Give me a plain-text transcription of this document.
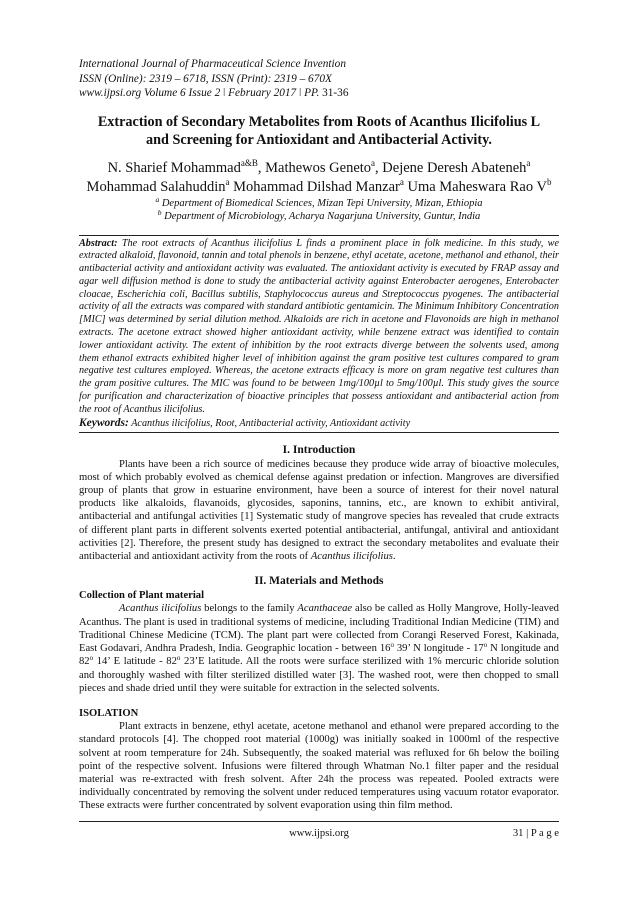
International Journal of Pharmaceutical Science Invention
ISSN (Online): 2319 – 6718, ISSN (Print): 2319 – 670X
www.ijpsi.org Volume 6 Issue 2 ǀ February 2017 ǀ PP. 31-36
Extraction of Secondary Metabolites from Roots of Acanthus Ilicifolius L
and Screening for Antioxidant and Antibacterial Activity.
N. Sharief Mohammad$^{a\&B}$, Mathewos Geneto$^a$, Dejene Deresh Abateneh$^a$
Mohammad Salahuddin$^a$ Mohammad Dilshad Manzar$^a$ Uma Maheswara Rao $V^b$
$^a$ Department of Biomedical Sciences, Mizan Tepi University, Mizan, Ethiopia
$^b$ Department of Microbiology, Acharya Nagarjuna University, Guntur, India

Abstract: The root extracts of Acanthus ilicifolius L finds a prominent place in folk medicine. In this study, we extracted alkaloid, flavonoid, tannin and total phenols in benzene, ethyl acetate, acetone, methanol and ethanol, their antibacterial activity and antioxidant activity was evaluated. The antioxidant activity is executed by FRAP assay and agar well diffusion method is done to study the antibacterial activity against Enterobacter aerogenes, Enterobacter cloacae, Escherichia coli, Bacillus subtilis, Staphylococcus aureus and Streptococcus pyogenes. The antibacterial activity of all the extracts was compared with standard antibiotic gentamicin. The Minimum Inhibitory Concentration [MIC] was determined by serial dilution method. Alkaloids are rich in acetone and Flavonoids are high in methanol extracts. The acetone extract showed higher antioxidant activity, while benzene extract was identified to contain lower antioxidant activity. The extent of inhibition by the root extracts diverge between the solvents used, among them ethanol extracts exhibited higher level of inhibition against the gram positive test cultures compared to gram negative test cultures employed. Whereas, the acetone extracts efficacy is more on gram negative test cultures than the gram positive cultures. The MIC was found to be between 1mg/100µl to 5mg/100µl. This study gives the source for purification and characterization of bioactive principles that possess antioxidant and antibacterial action from the root of Acanthus ilicifolius.

Keywords: Acanthus ilicifolius, Root, Antibacterial activity, Antioxidant activity
I. Introduction

Plants have been a rich source of medicines because they produce wide array of bioactive molecules, most of which probably evolved as chemical defense against predation or infection. Mangroves are diversified group of plants that grow in estuarine environment, have been a source of interest for their novel natural products like alkaloids, flavanoids, glycosides, saponins, tannins, etc., are known to exhibit antiviral, antibacterial and antifungal activities [1] Systematic study of mangrove species has revealed that crude extracts of different plant parts in different solvents exerted potential antibacterial, antifungal, antiviral and antioxidant activities [2]. Therefore, the present study has designed to extract the secondary metabolites and evaluate their antibacterial and antioxidant activity from the roots of Acanthus ilicifolius.

II. Materials and Methods
Collection of Plant material

Acanthus ilicifolius belongs to the family Acanthaceae also be called as Holly Mangrove, Holly-leaved Acanthus. The plant is used in traditional systems of medicine, including Traditional Indian Medicine (TIM) and Traditional Chinese Medicine (TCM). The plant part were collected from Corangi Reserved Forest, Kakinada, East Godavari, Andhra Pradesh, India. Geographic location - between 16$^o$ 39’ N longitude - 17$^o$ N longitude and 82$^o$ 14’ E latitude - 82$^o$ 23’E latitude. All the roots were surface sterilized with 1% mercuric chloride solution and thoroughly washed with filter sterilized distilled water [3]. The washed root, were then chopped to small pieces and shade dried until they were suitable for extraction in the selected solvents.

ISOLATION

Plant extracts in benzene, ethyl acetate, acetone methanol and ethanol were prepared according to the standard protocols [4]. The chopped root material (1000g) was initially soaked in 1000ml of the respective solvent at room temperature for 24h. Subsequently, the soaked material was refluxed for 6h below the boiling point of the respective solvent. Infusions were filtered through Whatman No.1 filter paper and the residual material was re-extracted with fresh solvent. After 24h the process was repeated. Pooled extracts were individually concentrated by removing the solvent under reduced temperatures using vacuum rotator evaporator. These extracts were further concentrated by solvent evaporation using thin film method.

www.ijpsi.org	31 | P a g e
